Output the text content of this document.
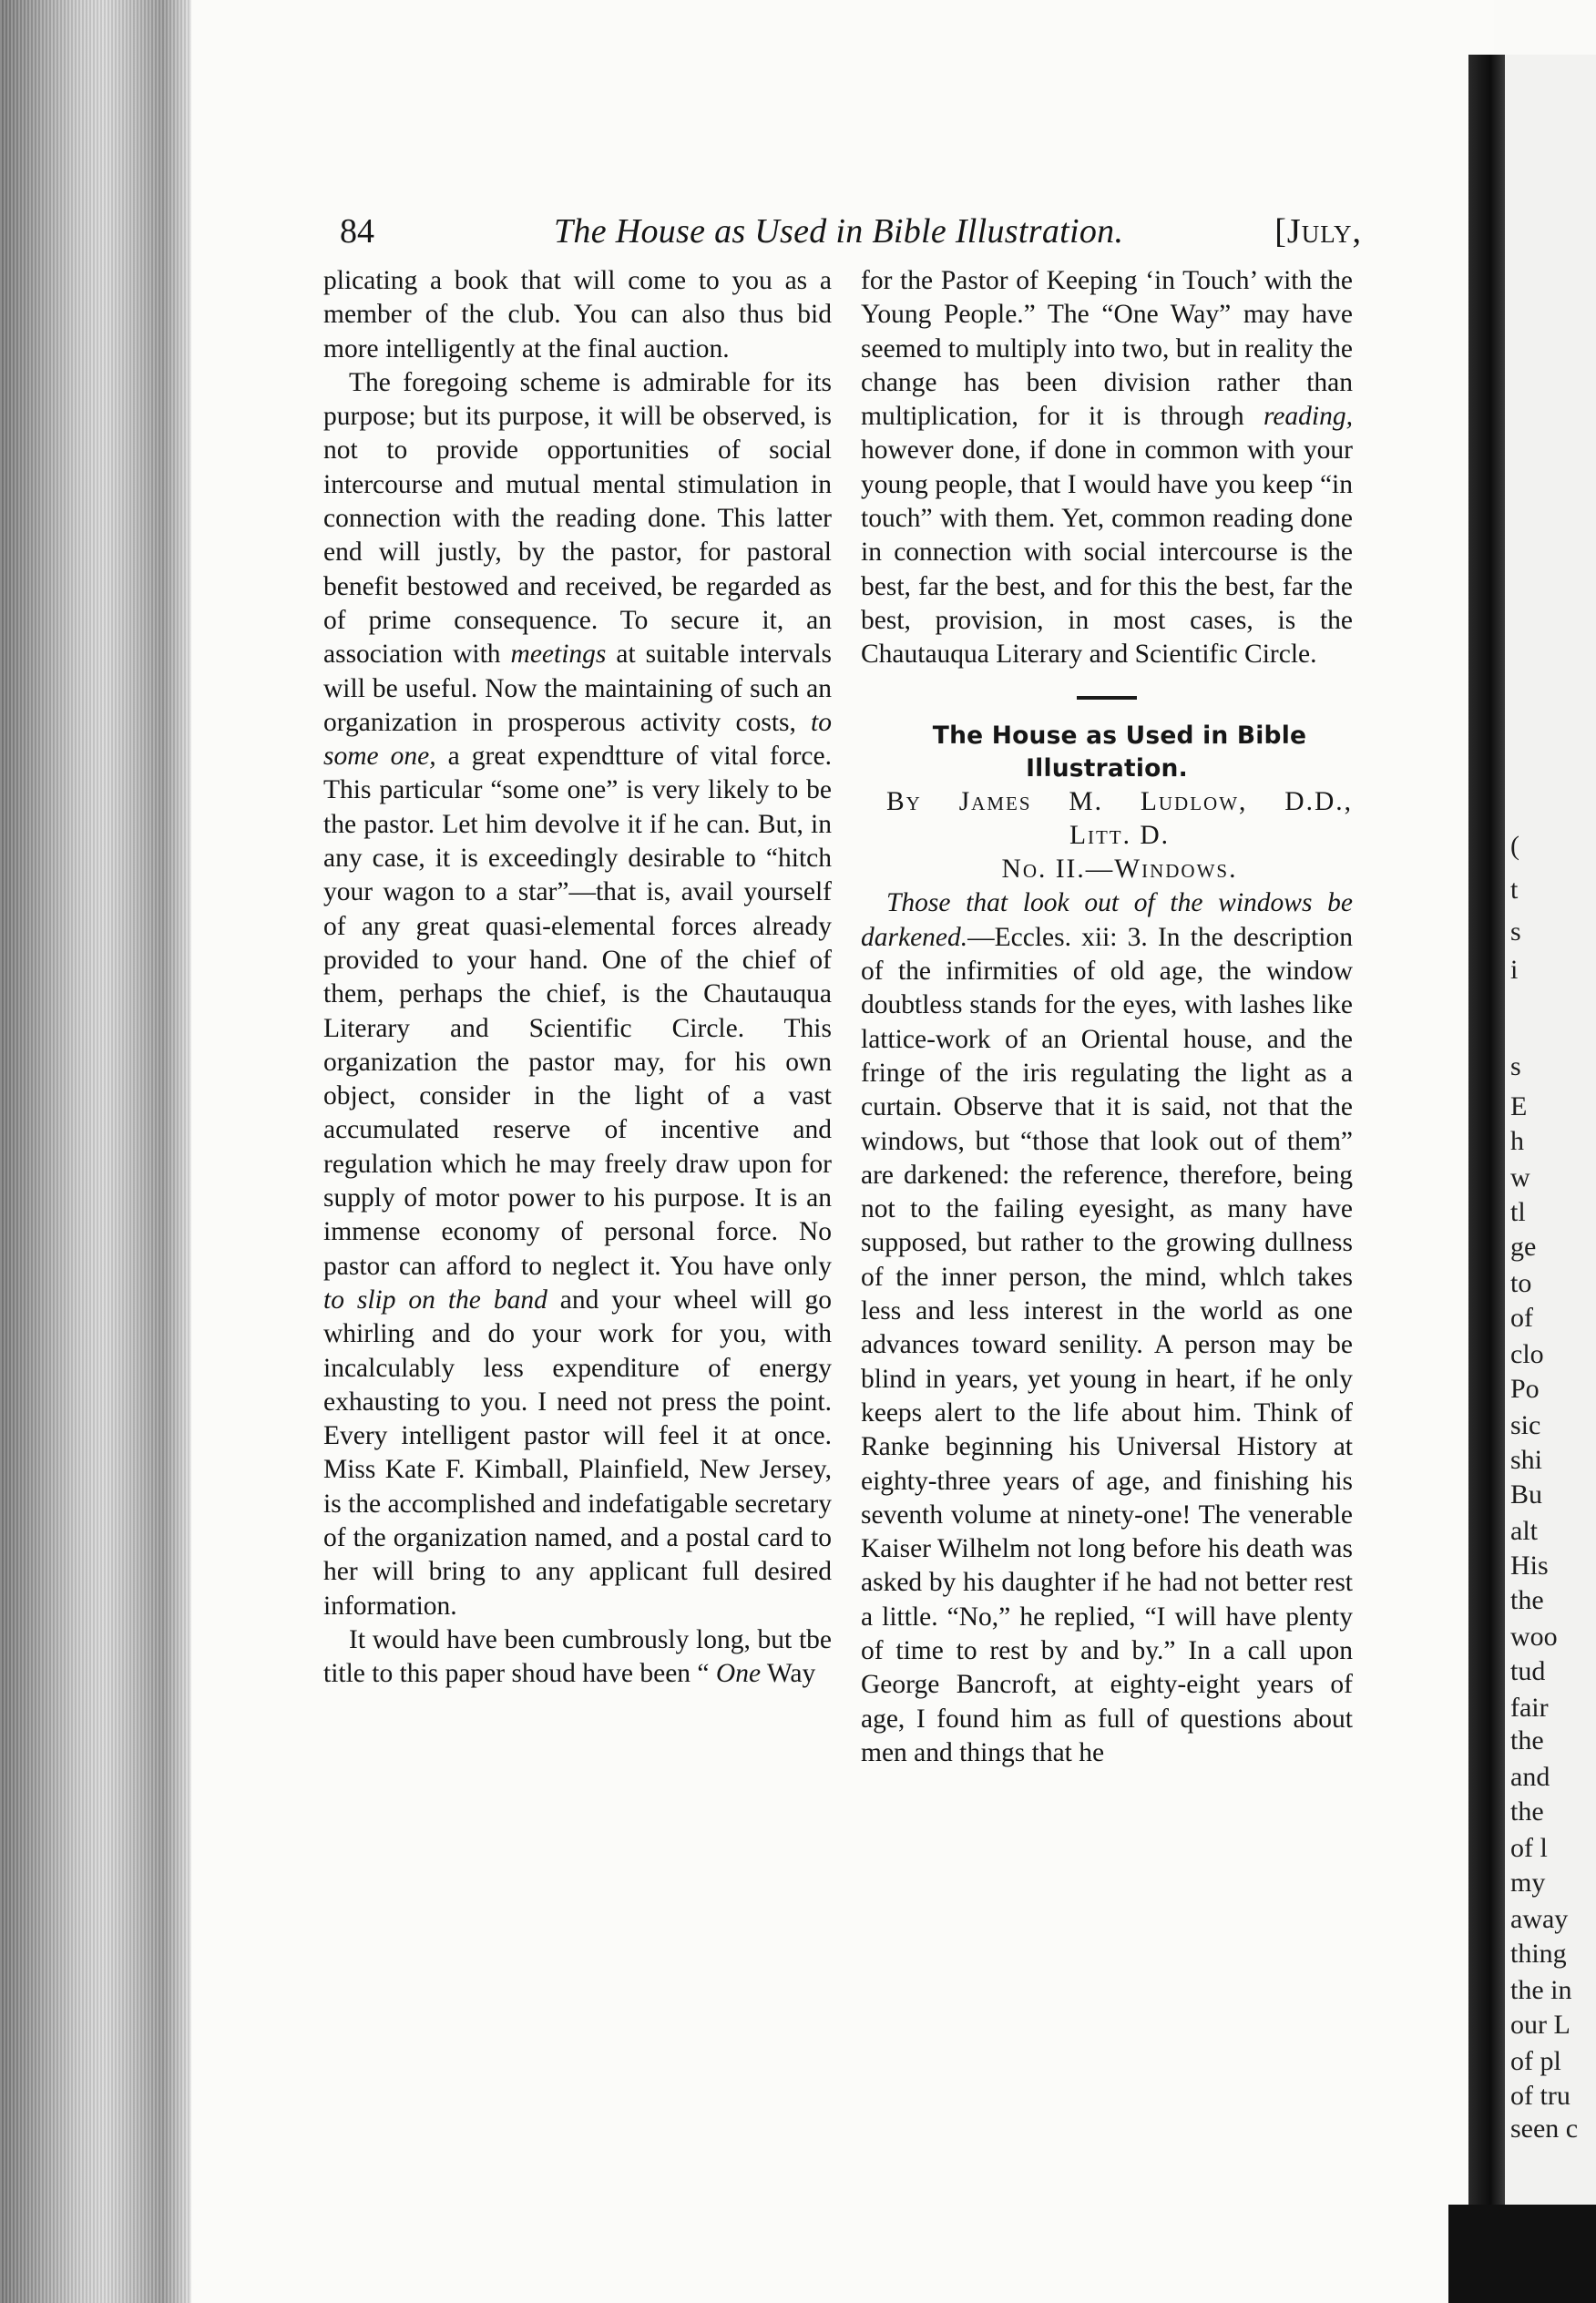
84	The House as Used in Bible Illustration.	[July,

plicating a book that will come to you as a member of the club. You can also thus bid more intelligently at the final auction.

The foregoing scheme is admirable for its purpose; but its purpose, it will be observed, is not to provide opportunities of social intercourse and mutual mental stimulation in connection with the reading done. This latter end will justly, by the pastor, for pastoral benefit bestowed and received, be regarded as of prime consequence. To secure it, an association with meetings at suitable intervals will be useful. Now the maintaining of such an organization in prosperous activity costs, to some one, a great expendtture of vital force. This particular “some one” is very likely to be the pastor. Let him devolve it if he can. But, in any case, it is exceedingly desirable to “hitch your wagon to a star”—that is, avail yourself of any great quasi-elemental forces already provided to your hand. One of the chief of them, perhaps the chief, is the Chautauqua Literary and Scientific Circle. This organization the pastor may, for his own object, consider in the light of a vast accumulated reserve of incentive and regulation which he may freely draw upon for supply of motor power to his purpose. It is an immense economy of personal force. No pastor can afford to neglect it. You have only to slip on the band and your wheel will go whirling and do your work for you, with incalculably less expenditure of energy exhausting to you. I need not press the point. Every intelligent pastor will feel it at once. Miss Kate F. Kimball, Plainfield, New Jersey, is the accomplished and indefatigable secretary of the organization named, and a postal card to her will bring to any applicant full desired information.

It would have been cumbrously long, but tbe title to this paper shoud have been “ One Way

for the Pastor of Keeping ‘in Touch’ with the Young People.” The “One Way” may have seemed to multiply into two, but in reality the change has been division rather than multiplication, for it is through reading, however done, if done in common with your young people, that I would have you keep “in touch” with them. Yet, common reading done in connection with social intercourse is the best, far the best, and for this the best, far the best, provision, in most cases, is the Chautauqua Literary and Scientific Circle.

The House as Used in Bible Illustration.

By James M. Ludlow, D.D.,

Litt. D.

No. II.—Windows.

Those that look out of the windows be darkened.—Eccles. xii: 3. In the description of the infirmities of old age, the window doubtless stands for the eyes, with lashes like lattice-work of an Oriental house, and the fringe of the iris regulating the light as a curtain. Observe that it is said, not that the windows, but “those that look out of them” are darkened: the reference, therefore, being not to the failing eyesight, as many have supposed, but rather to the growing dullness of the inner person, the mind, whlch takes less and less interest in the world as one advances toward senility. A person may be blind in years, yet young in heart, if he only keeps alert to the life about him. Think of Ranke beginning his Universal History at eighty-three years of age, and finishing his seventh volume at ninety-one! The venerable Kaiser Wilhelm not long before his death was asked by his daughter if he had not better rest a little. “No,” he replied, “I will have plenty of time to rest by and by.” In a call upon George Bancroft, at eighty-eight years of age, I found him as full of questions about men and things that he

(
t
s
i
s
E
h
w
tl
ge
to
of
clo
Po
sic
shi
Bu
alt
His
the
woo
tud
fair
the
and
the
of l
my
away
thing
the in
our L
of pl
of tru
seen c
